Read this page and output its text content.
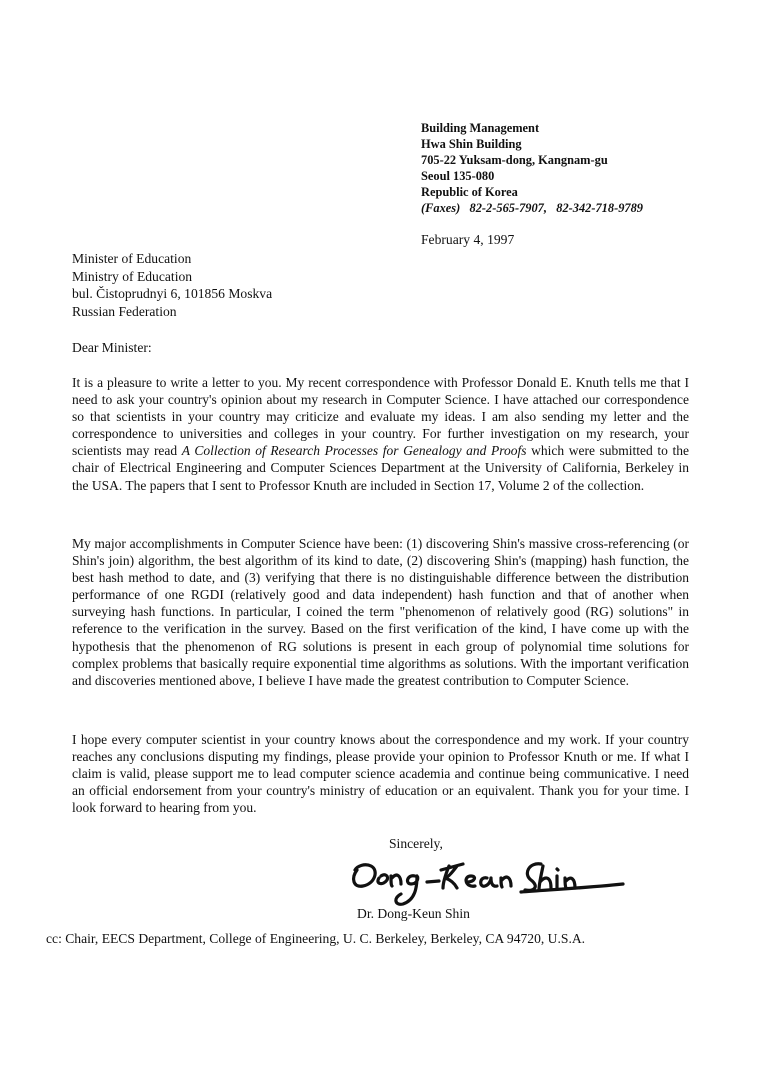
Building Management
Hwa Shin Building
705-22 Yuksam-dong, Kangnam-gu
Seoul 135-080
Republic of Korea
(Faxes) 82-2-565-7907,   82-342-718-9789
February 4, 1997
Minister of Education
Ministry of Education
bul. Čistoprudnyi 6, 101856 Moskva
Russian Federation
Dear Minister:

It is a pleasure to write a letter to you. My recent correspondence with Professor Donald E. Knuth tells me that I need to ask your country's opinion about my research in Computer Science. I have attached our correspondence so that scientists in your country may criticize and evaluate my ideas. I am also sending my letter and the correspondence to universities and colleges in your country. For further investigation on my research, your scientists may read A Collection of Research Processes for Genealogy and Proofs which were submitted to the chair of Electrical Engineering and Computer Sciences Department at the University of California, Berkeley in the USA. The papers that I sent to Professor Knuth are included in Section 17, Volume 2 of the collection.

My major accomplishments in Computer Science have been: (1) discovering Shin's massive cross-referencing (or Shin's join) algorithm, the best algorithm of its kind to date, (2) discovering Shin's (mapping) hash function, the best hash method to date, and (3) verifying that there is no distinguishable difference between the distribution performance of one RGDI (relatively good and data independent) hash function and that of another when surveying hash functions. In particular, I coined the term "phenomenon of relatively good (RG) solutions" in reference to the verification in the survey. Based on the first verification of the kind, I have come up with the hypothesis that the phenomenon of RG solutions is present in each group of polynomial time solutions for complex problems that basically require exponential time algorithms as solutions. With the important verification and discoveries mentioned above, I believe I have made the greatest contribution to Computer Science.

I hope every computer scientist in your country knows about the correspondence and my work. If your country reaches any conclusions disputing my findings, please provide your opinion to Professor Knuth or me. If what I claim is valid, please support me to lead computer science academia and continue being communicative. I need an official endorsement from your country's ministry of education or an equivalent. Thank you for your time. I look forward to hearing from you.

Sincerely,
Dr. Dong-Keun Shin
cc: Chair, EECS Department, College of Engineering, U. C. Berkeley, Berkeley, CA 94720, U.S.A.
